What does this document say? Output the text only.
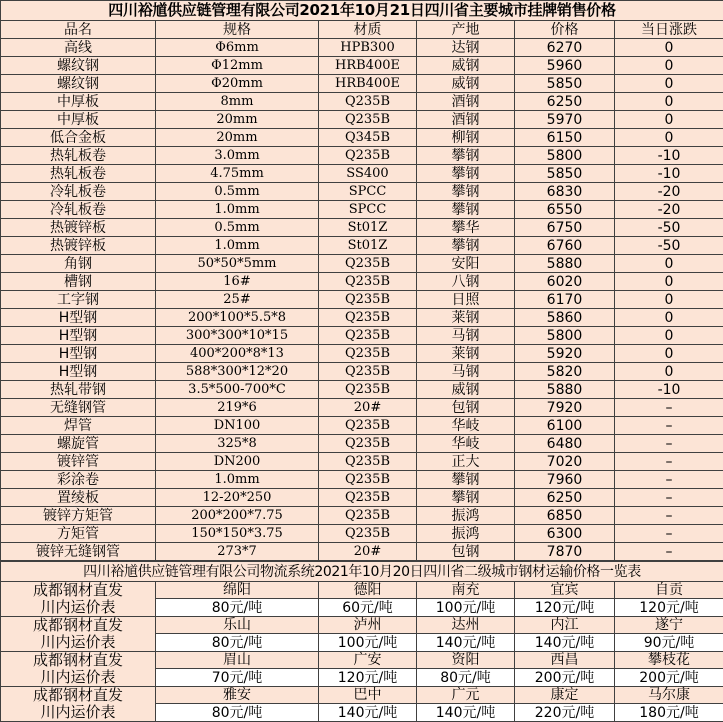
四川裕馗供应链管理有限公司2021年10月21日四川省主要城市挂牌销售价格					
品名	规格	材质	产地	价格	当日涨跌
高线	Φ6mm	HPB300	达钢	6270	0
螺纹钢	Φ12mm	HRB400E	威钢	5960	0
螺纹钢	Φ20mm	HRB400E	威钢	5850	0
中厚板	8mm	Q235B	酒钢	6250	0
中厚板	20mm	Q235B	酒钢	5970	0
低合金板	20mm	Q345B	柳钢	6150	0
热轧板卷	3.0mm	Q235B	攀钢	5800	-10
热轧板卷	4.75mm	SS400	攀钢	5850	-10
冷轧板卷	0.5mm	SPCC	攀钢	6830	-20
冷轧板卷	1.0mm	SPCC	攀钢	6550	-20
热镀锌板	0.5mm	St01Z	攀华	6750	-50
热镀锌板	1.0mm	St01Z	攀钢	6760	-50
角钢	50*50*5mm	Q235B	安阳	5880	0
槽钢	16#	Q235B	八钢	6020	0
工字钢	25#	Q235B	日照	6170	0
H型钢	200*100*5.5*8	Q235B	莱钢	5860	0
H型钢	300*300*10*15	Q235B	马钢	5800	0
H型钢	400*200*8*13	Q235B	莱钢	5920	0
H型钢	588*300*12*20	Q235B	马钢	5820	0
热轧带钢	3.5*500-700*C	Q235B	威钢	5880	-10
无缝钢管	219*6	20#	包钢	7920	–
焊管	DN100	Q235B	华岐	6100	–
螺旋管	325*8	Q235B	华岐	6480	–
镀锌管	DN200	Q235B	正大	7020	–
彩涂卷	1.0mm	Q235B	攀钢	7960	–
置绫板	12-20*250	Q235B	攀钢	6250	–
镀锌方矩管	200*200*7.75	Q235B	振鸿	6850	–
方矩管	150*150*3.75	Q235B	振鸿	6300	–
镀锌无缝钢管	273*7	20#	包钢	7870	–
四川裕馗供应链管理有限公司物流系统2021年10月20日四川省二级城市钢材运输价格一览表					
成都钢材直发	绵阳	德阳	南充	宜宾	自贡
川内运价表	80元/吨	60元/吨	100元/吨	120元/吨	120元/吨
成都钢材直发	乐山	泸州	达州	内江	遂宁
川内运价表	80元/吨	100元/吨	140元/吨	140元/吨	90元/吨
成都钢材直发	眉山	广安	资阳	西昌	攀枝花
川内运价表	70元/吨	120元/吨	80元/吨	200元/吨	200元/吨
成都钢材直发	雅安	巴中	广元	康定	马尔康
川内运价表	80元/吨	140元/吨	140元/吨	220元/吨	180元/吨
